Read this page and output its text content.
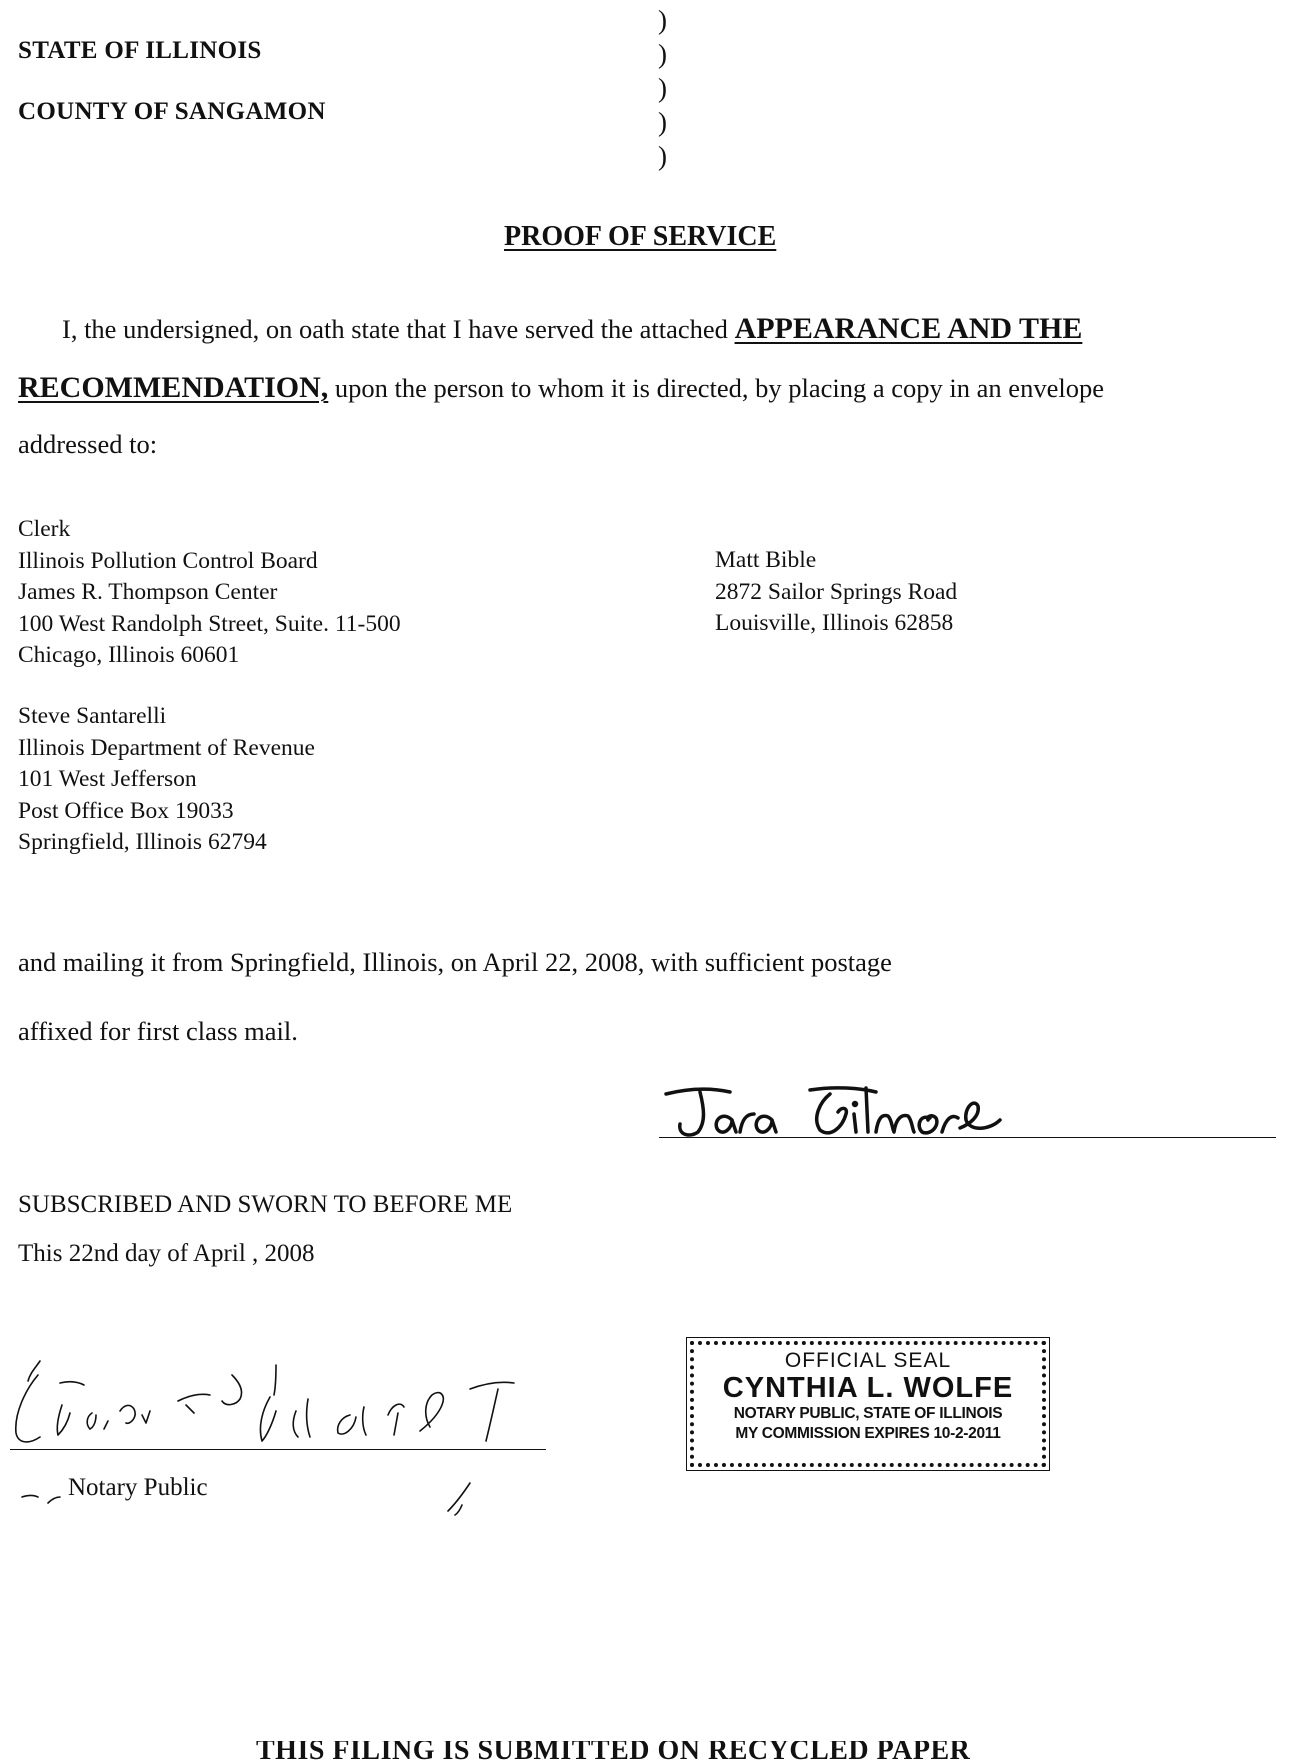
STATE OF ILLINOIS
COUNTY OF SANGAMON
)
)
)
)
)
PROOF OF SERVICE
I, the undersigned, on oath state that I have served the attached APPEARANCE AND THE
RECOMMENDATION, upon the person to whom it is directed, by placing a copy in an envelope
addressed to:
Clerk
Illinois Pollution Control Board
James R. Thompson Center
100 West Randolph Street, Suite. 11-500
Chicago, Illinois 60601
Matt Bible
2872 Sailor Springs Road
Louisville, Illinois 62858
Steve Santarelli
Illinois Department of Revenue
101 West Jefferson
Post Office Box 19033
Springfield, Illinois 62794
and mailing it from Springfield, Illinois, on April 22, 2008, with sufficient postage
affixed for first class mail.
SUBSCRIBED AND SWORN TO BEFORE ME
This 22nd day of April , 2008
Notary Public
OFFICIAL SEAL
CYNTHIA L. WOLFE
NOTARY PUBLIC, STATE OF ILLINOIS
MY COMMISSION EXPIRES 10-2-2011
THIS FILING IS SUBMITTED ON RECYCLED PAPER
